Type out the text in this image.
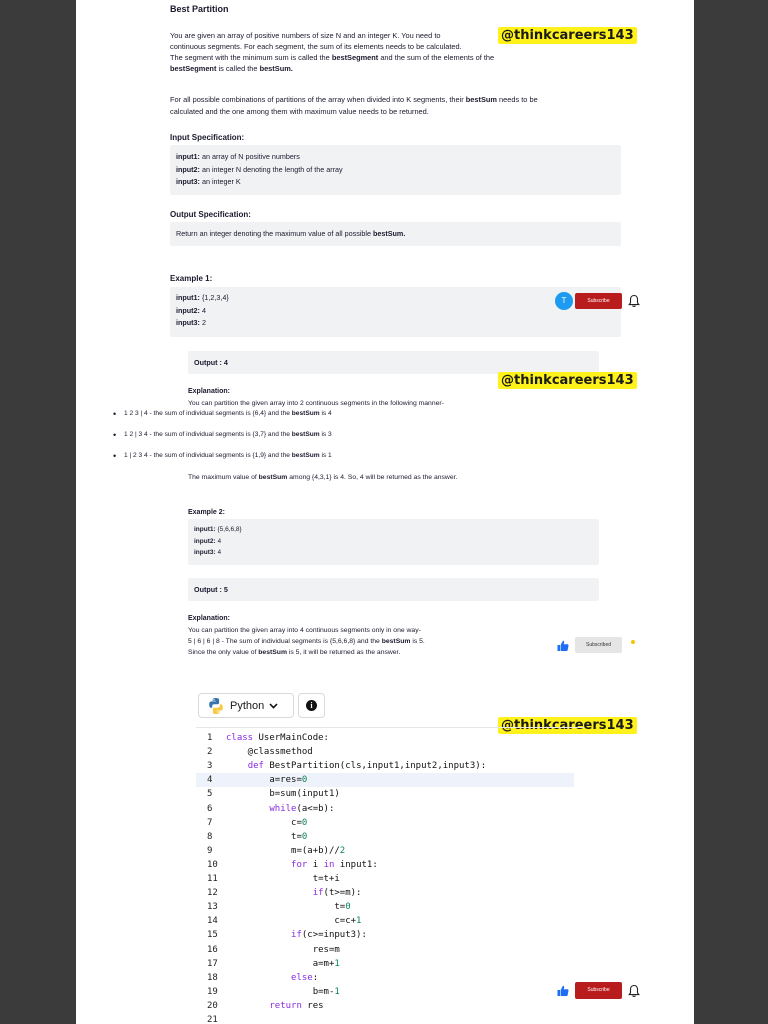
Best Partition
You are given an array of positive numbers of size N and an integer K. You need to
continuous segments. For each segment, the sum of its elements needs to be calculated.
The segment with the minimum sum is called the bestSegment and the sum of the elements of the
bestSegment is called the bestSum.
For all possible combinations of partitions of the array when divided into K segments, their bestSum needs to be
calculated and the one among them with maximum value needs to be returned.
Input Specification:
input1: an array of N positive numbers
input2: an integer N denoting the length of the array
input3: an integer K
Output Specification:
Return an integer denoting the maximum value of all possible bestSum.
Example 1:
input1: {1,2,3,4}
input2: 4
input3: 2
Output : 4
Explanation:
You can partition the given array into 2 continuous segments in the following manner-
• 1 2 3 | 4 - the sum of individual segments is {6,4} and the bestSum is 4
• 1 2 | 3 4 - the sum of individual segments is {3,7} and the bestSum is 3
• 1 | 2 3 4 - the sum of individual segments is {1,9} and the bestSum is 1
The maximum value of bestSum among {4,3,1} is 4. So, 4 will be returned as the answer.
Example 2:
input1: {5,6,6,8}
input2: 4
input3: 4
Output : 5
Explanation:
You can partition the given array into 4 continuous segments only in one way-
5 | 6 | 6 | 8 - The sum of individual segments is {5,6,6,8} and the bestSum is 5.
Since the only value of bestSum is 5, it will be returned as the answer.
@thinkcareers143
@thinkcareers143
@thinkcareers143
T	Subscribe
Subscribed
Subscribe
Python	i
1 class UserMainCode:
2    @classmethod
3	def BestPartition(cls,input1,input2,input3):
4        a=res=0
5        b=sum(input1)
6	while(a<=b):
7            c=0
8            t=0
9            m=(a+b)//2
10	for i in input1:
11                t=t+i
12	if(t>=m):
13                    t=0
14                    c=c+1
15	if(c>=input3):
16                res=m
17                a=m+1
18	else:
19                b=m-1
20	return res
21
